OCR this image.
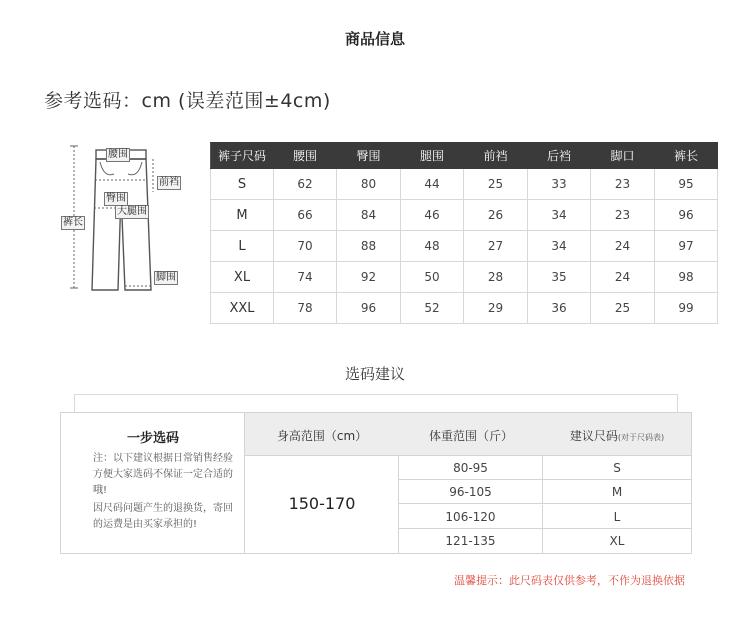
商品信息
参考选码：cm (误差范围±4cm)
腰围
前裆
臀围
大腿围
裤长
脚围
裤子尺码	腰围	臀围	腿围	前裆	后裆	脚口	裤长
S	62	80	44	25	33	23	95
M	66	84	46	26	34	23	96
L	70	88	48	27	34	24	97
XL	74	92	50	28	35	24	98
XXL	78	96	52	29	36	25	99
选码建议
一步选码

注：以下建议根据日常销售经验方便大家选码不保证一定合适的哦!

因尺码问题产生的退换货，寄回的运费是由买家承担的!

身高范围（cm）	体重范围（斤）	建议尺码(对于尺码表)
150-170
80-95	S
96-105	M
106-120	L
121-135	XL
温馨提示：此尺码表仅供参考，不作为退换依据
